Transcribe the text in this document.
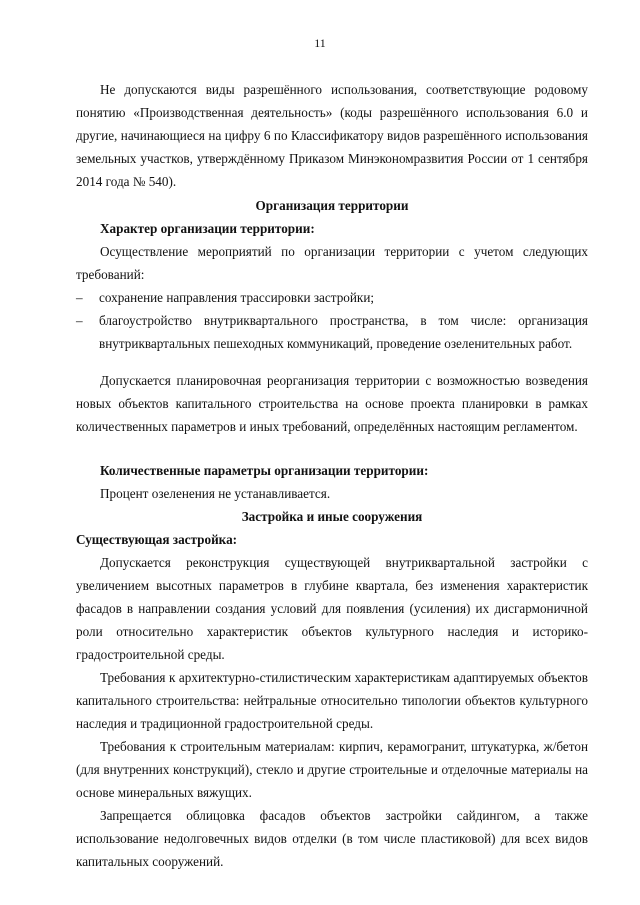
11

Не допускаются виды разрешённого использования, соответствующие родовому понятию «Производственная деятельность» (коды разрешённого использования 6.0 и другие, начинающиеся на цифру 6 по Классификатору видов разрешённого использования земельных участков, утверждённому Приказом Минэкономразвития России от 1 сентября 2014 года № 540).

Организация территории

Характер организации территории:

Осуществление мероприятий по организации территории с учетом следующих требований:

– сохранение направления трассировки застройки;

– благоустройство внутриквартального пространства, в том числе: организация внутриквартальных пешеходных коммуникаций, проведение озеленительных работ.

Допускается планировочная реорганизация территории с возможностью возведения новых объектов капитального строительства на основе проекта планировки в рамках количественных параметров и иных требований, определённых настоящим регламентом.

Количественные параметры организации территории:

Процент озеленения не устанавливается.

Застройка и иные сооружения

Существующая застройка:

Допускается реконструкция существующей внутриквартальной застройки с увеличением высотных параметров в глубине квартала, без изменения характеристик фасадов в направлении создания условий для появления (усиления) их дисгармоничной роли относительно характеристик объектов культурного наследия и историко-градостроительной среды.

Требования к архитектурно-стилистическим характеристикам адаптируемых объектов капитального строительства: нейтральные относительно типологии объектов культурного наследия и традиционной градостроительной среды.

Требования к строительным материалам: кирпич, керамогранит, штукатурка, ж/бетон (для внутренних конструкций), стекло и другие строительные и отделочные материалы на основе минеральных вяжущих.

Запрещается облицовка фасадов объектов застройки сайдингом, а также использование недолговечных видов отделки (в том числе пластиковой) для всех видов капитальных сооружений.
